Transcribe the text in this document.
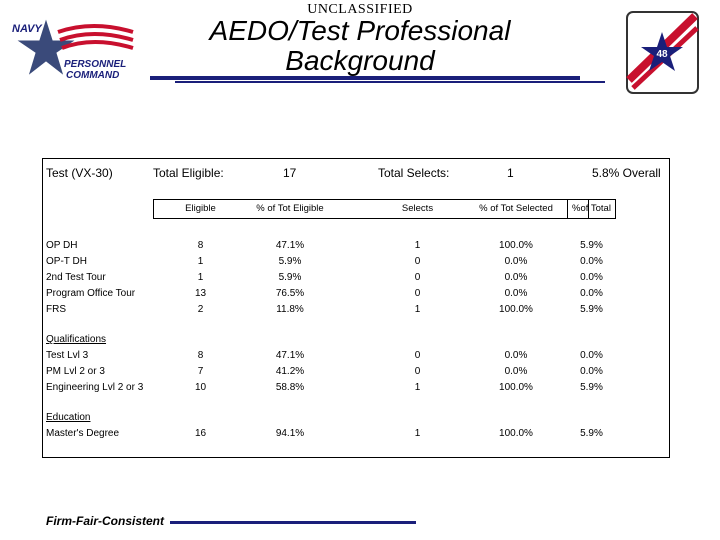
UNCLASSIFIED
NAVY
PERSONNEL
COMMAND
AEDO/Test Professional
Background	48
Test (VX-30)	Total Eligible:	17	Total Selects:	1	5.8% Overall
Eligible	% of Tot Eligible	Selects	% of Tot Selected	%of Total
Qualifications
Education
OP DH	8	47.1%	1	100.0%	5.9%
OP-T DH	1	5.9%	0	0.0%	0.0%
2nd Test Tour	1	5.9%	0	0.0%	0.0%
Program Office Tour	13	76.5%	0	0.0%	0.0%
FRS	2	11.8%	1	100.0%	5.9%
Test Lvl 3	8	47.1%	0	0.0%	0.0%
PM Lvl 2 or 3	7	41.2%	0	0.0%	0.0%
Engineering Lvl 2 or 3	10	58.8%	1	100.0%	5.9%
Master's Degree	16	94.1%	1	100.0%	5.9%
Firm-Fair-Consistent
